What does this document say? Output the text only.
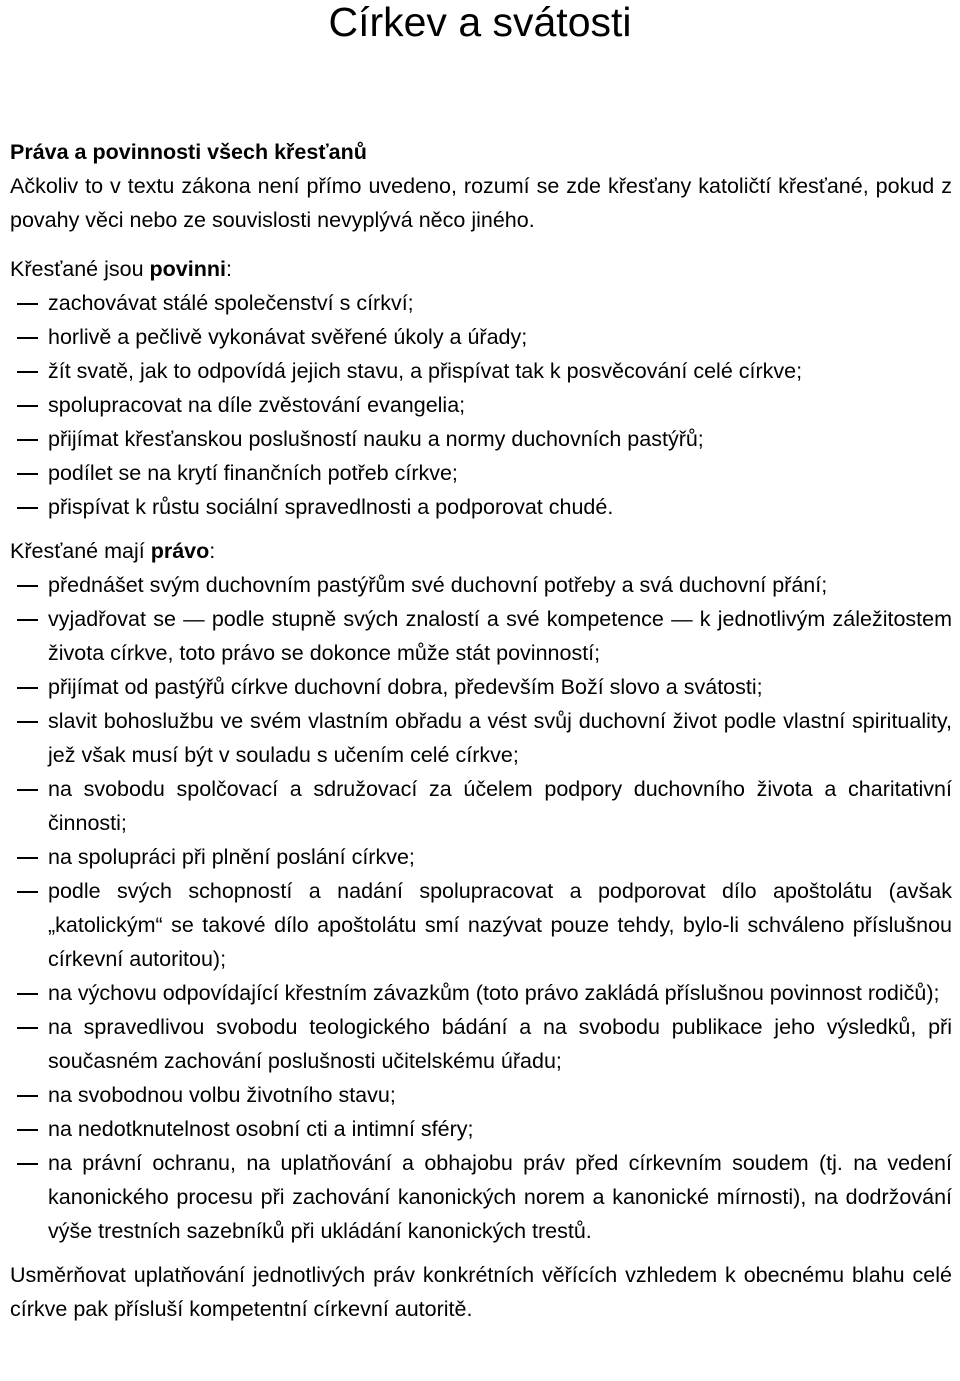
Církev a svátosti

Práva a povinnosti všech křesťanů

Ačkoliv to v textu zákona není přímo uvedeno, rozumí se zde křesťany katoličtí křesťané, pokud z povahy věci nebo ze souvislosti nevyplývá něco jiného.

Křesťané jsou povinni:

zachovávat stálé společenství s církví;
horlivě a pečlivě vykonávat svěřené úkoly a úřady;
žít svatě, jak to odpovídá jejich stavu, a přispívat tak k posvěcování celé církve;
spolupracovat na díle zvěstování evangelia;
přijímat křesťanskou poslušností nauku a normy duchovních pastýřů;
podílet se na krytí finančních potřeb církve;
přispívat k růstu sociální spravedlnosti a podporovat chudé.

Křesťané mají právo:

přednášet svým duchovním pastýřům své duchovní potřeby a svá duchovní přání;
vyjadřovat se — podle stupně svých znalostí a své kompetence — k jednotlivým záležitostem života církve, toto právo se dokonce může stát povinností;
přijímat od pastýřů církve duchovní dobra, především Boží slovo a svátosti;
slavit bohoslužbu ve svém vlastním obřadu a vést svůj duchovní život podle vlastní spirituality, jež však musí být v souladu s učením celé církve;
na svobodu spolčovací a sdružovací za účelem podpory duchovního života a charitativní činnosti;
na spolupráci při plnění poslání církve;
podle svých schopností a nadání spolupracovat a podporovat dílo apoštolátu (avšak „katolickým“ se takové dílo apoštolátu smí nazývat pouze tehdy, bylo-li schváleno příslušnou církevní autoritou);
na výchovu odpovídající křestním závazkům (toto právo zakládá příslušnou povinnost rodičů);
na spravedlivou svobodu teologického bádání a na svobodu publikace jeho výsledků, při současném zachování poslušnosti učitelskému úřadu;
na svobodnou volbu životního stavu;
na nedotknutelnost osobní cti a intimní sféry;
na právní ochranu, na uplatňování a obhajobu práv před církevním soudem (tj. na vedení kanonického procesu při zachování kanonických norem a kanonické mírnosti), na dodržování výše trestních sazebníků při ukládání kanonických trestů.

Usměrňovat uplatňování jednotlivých práv konkrétních věřících vzhledem k obecnému blahu celé církve pak přísluší kompetentní církevní autoritě.
